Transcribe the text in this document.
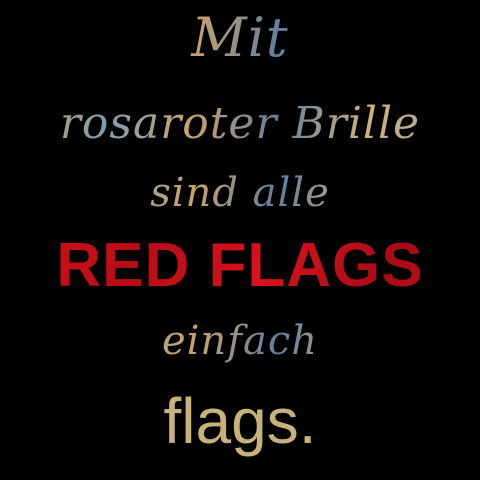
Mit
rosaroter Brille
sind alle
RED FLAGS
einfach
flags.
